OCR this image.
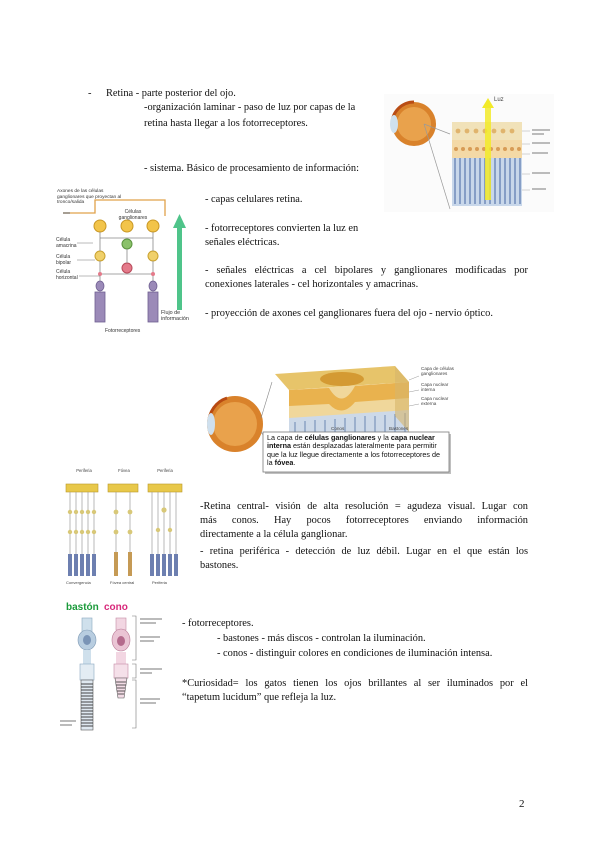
- Retina - parte posterior del ojo.
-organización laminar - paso de luz por capas de la
retina hasta llegar a los fotorreceptores.
- sistema. Básico de procesamiento de información:
- capas celulares retina.
- fotorreceptores convierten la luz en
señales eléctricas.
- señales eléctricas a cel bipolares y ganglionares modificadas por
conexiones laterales - cel horizontales y amacrinas.
- proyección de axones cel ganglionares fuera del ojo - nervio óptico.
Luz
Axones de las células ganglionares que proyectan al tronco/salida
Células ganglionares
Célula amacrina
Célula bipolar
Célula horizontal
Flujo de información
Fotorreceptores
Capa de células ganglionares
Capa nuclear interna
Capa nuclear externa
Conos	Bastones
La capa de células ganglionares y la capa nuclear interna están desplazadas lateralmente para permitir que la luz llegue directamente a los fotorreceptores de la fóvea.
Periferia	Fóvea	Periferia
Convergencia	Fóvea central	Periferia
-Retina central- visión de alta resolución = agudeza visual. Lugar con
más conos. Hay pocos fotorreceptores enviando información
directamente a la célula ganglionar.
- retina periférica - detección de luz débil. Lugar en el que están los
bastones.
bastón cono
- fotorreceptores.
- bastones - más discos - controlan la iluminación.
- conos - distinguir colores en condiciones de iluminación intensa.
*Curiosidad= los gatos tienen los ojos brillantes al ser iluminados por el
“tapetum lucidum” que refleja la luz.
2
